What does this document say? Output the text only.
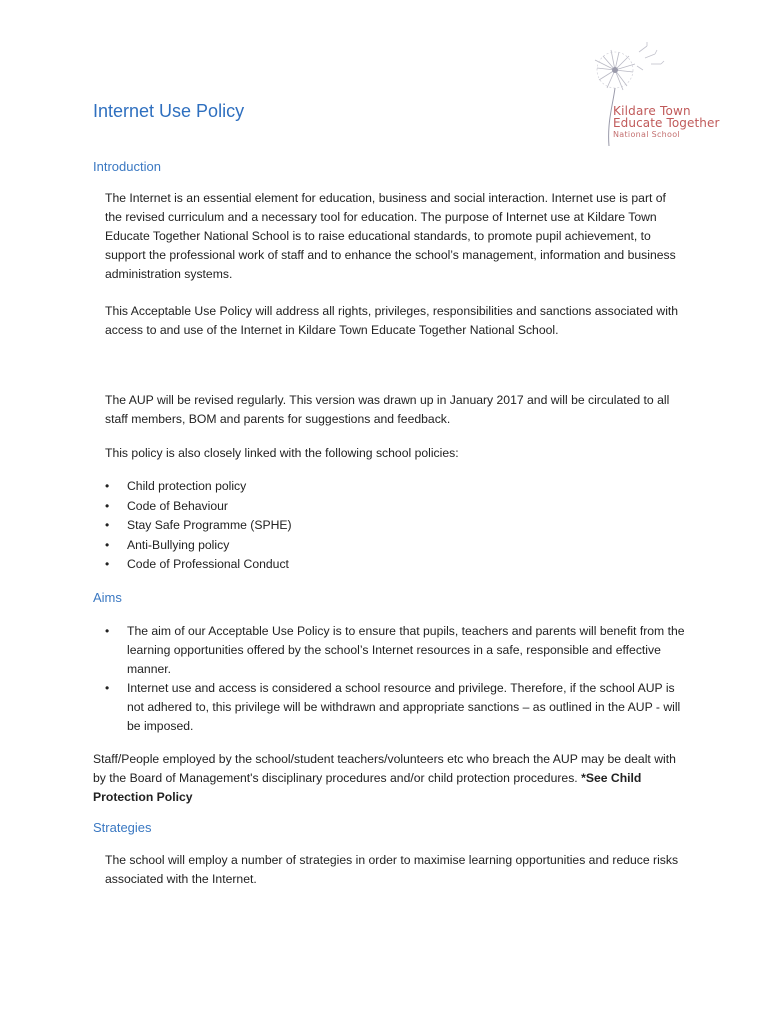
Kildare Town
Educate Together
National School
Internet Use Policy
Introduction

The Internet is an essential element for education, business and social interaction. Internet use is part of the revised curriculum and a necessary tool for education. The purpose of Internet use at Kildare Town Educate Together National School is to raise educational standards, to promote pupil achievement, to support the professional work of staff and to enhance the school’s management, information and business administration systems.

This Acceptable Use Policy will address all rights, privileges, responsibilities and sanctions associated with access to and use of the Internet in Kildare Town Educate Together National School.

The AUP will be revised regularly. This version was drawn up in January 2017 and will be circulated to all staff members, BOM and parents for suggestions and feedback.

This policy is also closely linked with the following school policies:

• Child protection policy
• Code of Behaviour
• Stay Safe Programme (SPHE)
• Anti-Bullying policy
• Code of Professional Conduct
Aims
• The aim of our Acceptable Use Policy is to ensure that pupils, teachers and parents will benefit from the learning opportunities offered by the school’s Internet resources in a safe, responsible and effective manner.
• Internet use and access is considered a school resource and privilege. Therefore, if the school AUP is not adhered to, this privilege will be withdrawn and appropriate sanctions – as outlined in the AUP - will be imposed.

Staff/People employed by the school/student teachers/volunteers etc who breach the AUP may be dealt with by the Board of Management's disciplinary procedures and/or child protection procedures. *See Child Protection Policy

Strategies

The school will employ a number of strategies in order to maximise learning opportunities and reduce risks associated with the Internet.
